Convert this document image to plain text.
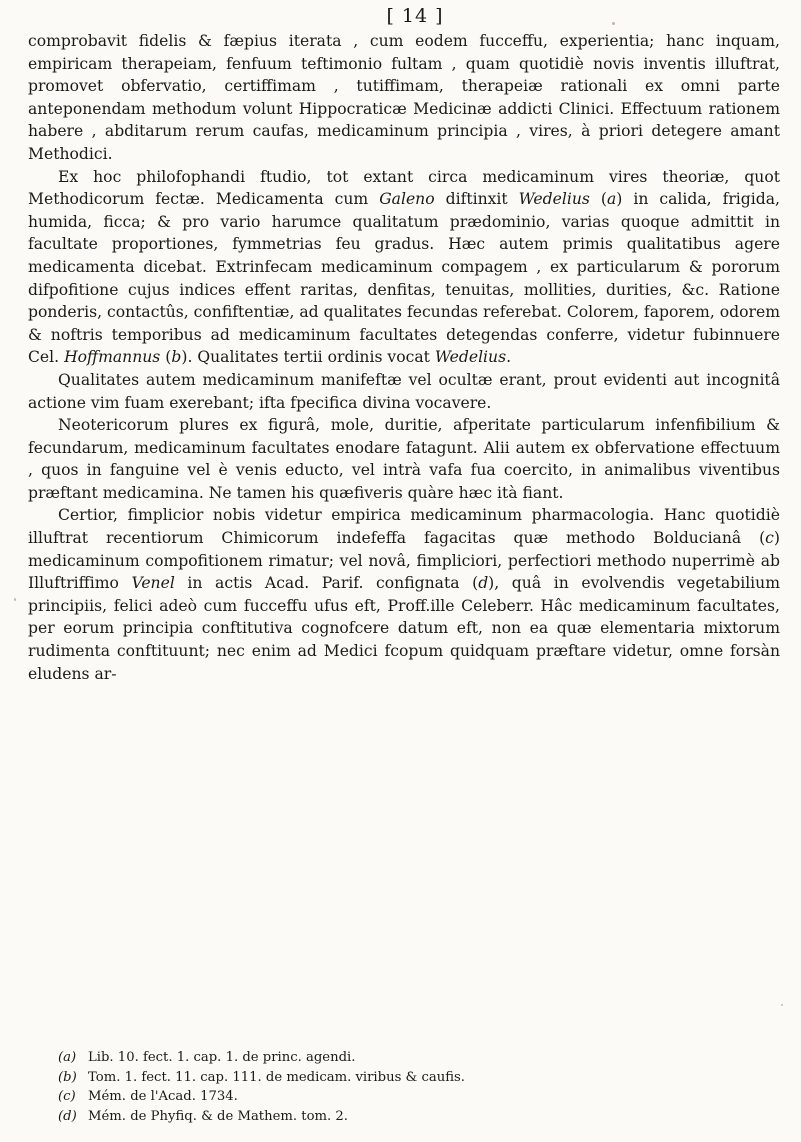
[ 14 ]

comprobavit fidelis & fæpius iterata , cum eodem fucceffu, experientia; hanc inquam, empiricam therapeiam, fenfuum teftimonio fultam , quam quotidiè novis inventis illuftrat, promovet obfervatio, certiffimam , tutiffimam, therapeiæ rationali ex omni parte anteponendam methodum volunt Hippocraticæ Medicinæ addicti Clinici. Effectuum rationem habere , abditarum rerum caufas, medicaminum principia , vires, à priori detegere amant Methodici.

Ex hoc philofophandi ftudio, tot extant circa medicaminum vires theoriæ, quot Methodicorum fectæ. Medicamenta cum Galeno diftinxit Wedelius (a) in calida, frigida, humida, ficca; & pro vario harumce qualitatum prædominio, varias quoque admittit in facultate proportiones, fymmetrias feu gradus. Hæc autem primis qualitatibus agere medicamenta dicebat. Extrinfecam medicaminum compagem , ex particularum & pororum difpofitione cujus indices effent raritas, denfitas, tenuitas, mollities, durities, &c. Ratione ponderis, contactûs, confiftentiæ, ad qualitates fecundas referebat. Colorem, faporem, odorem & noftris temporibus ad medicaminum facultates detegendas conferre, videtur fubinnuere Cel. Hoffmannus (b). Qualitates tertii ordinis vocat Wedelius.

Qualitates autem medicaminum manifeftæ vel ocultæ erant, prout evidenti aut incognitâ actione vim fuam exerebant; ifta fpecifica divina vocavere.

Neotericorum plures ex figurâ, mole, duritie, afperitate particularum infenfibilium & fecundarum, medicaminum facultates enodare fatagunt. Alii autem ex obfervatione effectuum , quos in fanguine vel è venis educto, vel intrà vafa fua coercito, in animalibus viventibus præftant medicamina. Ne tamen his quæfiveris quàre hæc ità fiant.

Certior, fimplicior nobis videtur empirica medicaminum pharmacologia. Hanc quotidiè illuftrat recentiorum Chimicorum indefeffa fagacitas quæ methodo Bolducianâ (c) medicaminum compofitionem rimatur; vel novâ, fimpliciori, perfectiori methodo nuperrimè ab Illuftriffimo Venel in actis Acad. Parif. confignata (d), quâ in evolvendis vegetabilium principiis, felici adeò cum fucceffu ufus eft, Proff.ille Celeberr. Hâc medicaminum facultates, per eorum principia conftitutiva cognofcere datum eft, non ea quæ elementaria mixtorum rudimenta conftituunt; nec enim ad Medici fcopum quidquam præftare videtur, omne forsàn eludens ar-

(a) Lib. 10. fect. 1. cap. 1. de princ. agendi.

(b) Tom. 1. fect. 11. cap. 111. de medicam. viribus & caufis.

(c) Mém. de l'Acad. 1734.

(d) Mém. de Phyfiq. & de Mathem. tom. 2.
